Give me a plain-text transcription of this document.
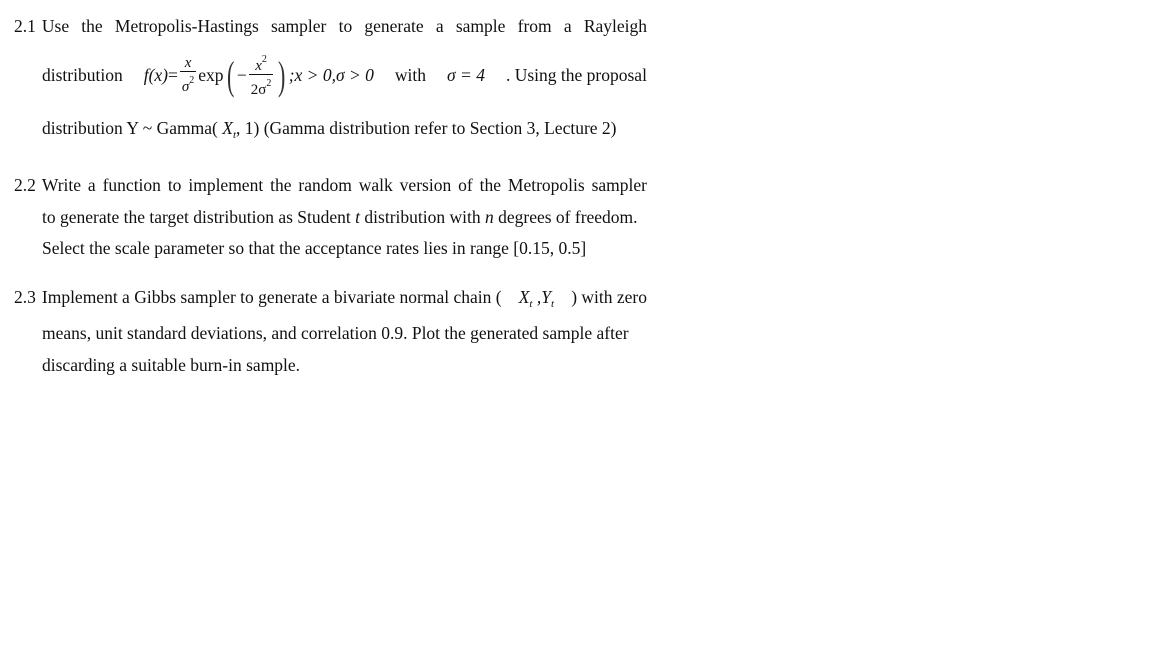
2.1 Use the Metropolis-Hastings sampler to generate a sample from a Rayleigh
distribution $f(x) = \frac{x}{\sigma^2}$ exp ( − $\frac{x^2}{2\sigma^2}$ ) ;x > 0,σ > 0 with σ = 4 . Using the proposal
distribution Y ~ Gamma( $X_t$, 1) (Gamma distribution refer to Section 3, Lecture 2)
2.2 Write a function to implement the random walk version of the Metropolis sampler
to generate the target distribution as Student t distribution with n degrees of freedom.
Select the scale parameter so that the acceptance rates lies in range [0.15, 0.5]
2.3 Implement a Gibbs sampler to generate a bivariate normal chain ( $X_t$ $,Y_t$ ) with zero
means, unit standard deviations, and correlation 0.9. Plot the generated sample after
discarding a suitable burn-in sample.
